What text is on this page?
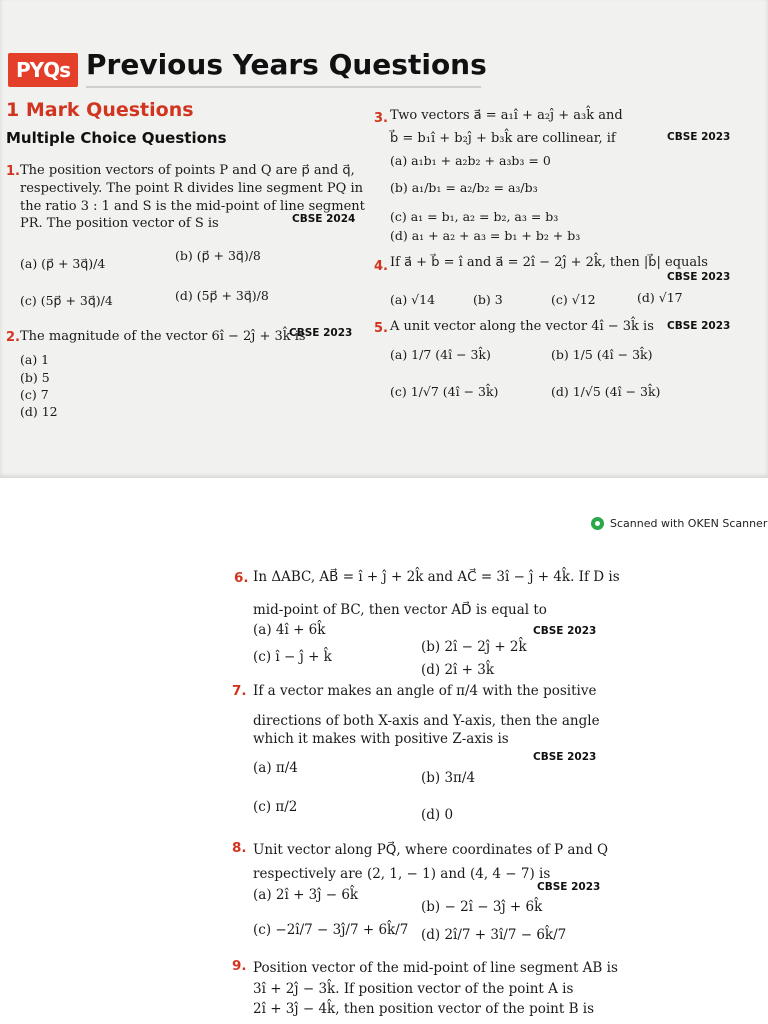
PYQs Previous Years Questions
1 Mark Questions
Multiple Choice Questions
1. The position vectors of points P and Q are p⃗ and q⃗,
respectively. The point R divides line segment PQ in
the ratio 3 : 1 and S is the mid-point of line segment
PR. The position vector of S is	CBSE 2024
(a) (p⃗ + 3q⃗)/4
(b) (p⃗ + 3q⃗)/8
(c) (5p⃗ + 3q⃗)/4	(d) (5p⃗ + 3q⃗)/8
2. The magnitude of the vector 6î − 2ĵ + 3k̂ is
CBSE 2023
(a) 1
(b) 5
(c) 7
(d) 12
3. Two vectors a⃗ = a₁î + a₂ĵ + a₃k̂ and
b⃗ = b₁î + b₂ĵ + b₃k̂ are collinear, if	CBSE 2023
(a) a₁b₁ + a₂b₂ + a₃b₃ = 0
(b) a₁/b₁ = a₂/b₂ = a₃/b₃
(c) a₁ = b₁, a₂ = b₂, a₃ = b₃
(d) a₁ + a₂ + a₃ = b₁ + b₂ + b₃
4. If a⃗ + b⃗ = î and a⃗ = 2î − 2ĵ + 2k̂, then |b⃗| equals
CBSE 2023
(a) √14	(b) 3	(c) √12	(d) √17
5. A unit vector along the vector 4î − 3k̂ is CBSE 2023
(a) 1/7 (4î − 3k̂)	(b) 1/5 (4î − 3k̂)
(c) 1/√7 (4î − 3k̂)	(d) 1/√5 (4î − 3k̂)
Scanned with OKEN Scanner
6. In ΔABC, AB⃗ = î + ĵ + 2k̂ and AC⃗ = 3î − ĵ + 4k̂. If D is
mid-point of BC, then vector AD⃗ is equal to
CBSE 2023
(a) 4î + 6k̂
(b) 2î − 2ĵ + 2k̂
(c) î − ĵ + k̂
(d) 2î + 3k̂
7. If a vector makes an angle of π/4 with the positive
directions of both X-axis and Y-axis, then the angle
which it makes with positive Z-axis is
CBSE 2023
(a) π/4
(b) 3π/4
(c) π/2	(d) 0
8. Unit vector along PQ⃗, where coordinates of P and Q
respectively are (2, 1, − 1) and (4, 4 − 7) is
CBSE 2023
(a) 2î + 3ĵ − 6k̂
(b) − 2î − 3ĵ + 6k̂
(c) −2î/7 − 3ĵ/7 + 6k̂/7 (d) 2î/7 + 3î/7 − 6k̂/7
9. Position vector of the mid-point of line segment AB is
3î + 2ĵ − 3k̂. If position vector of the point A is
2î + 3ĵ − 4k̂, then position vector of the point B is
